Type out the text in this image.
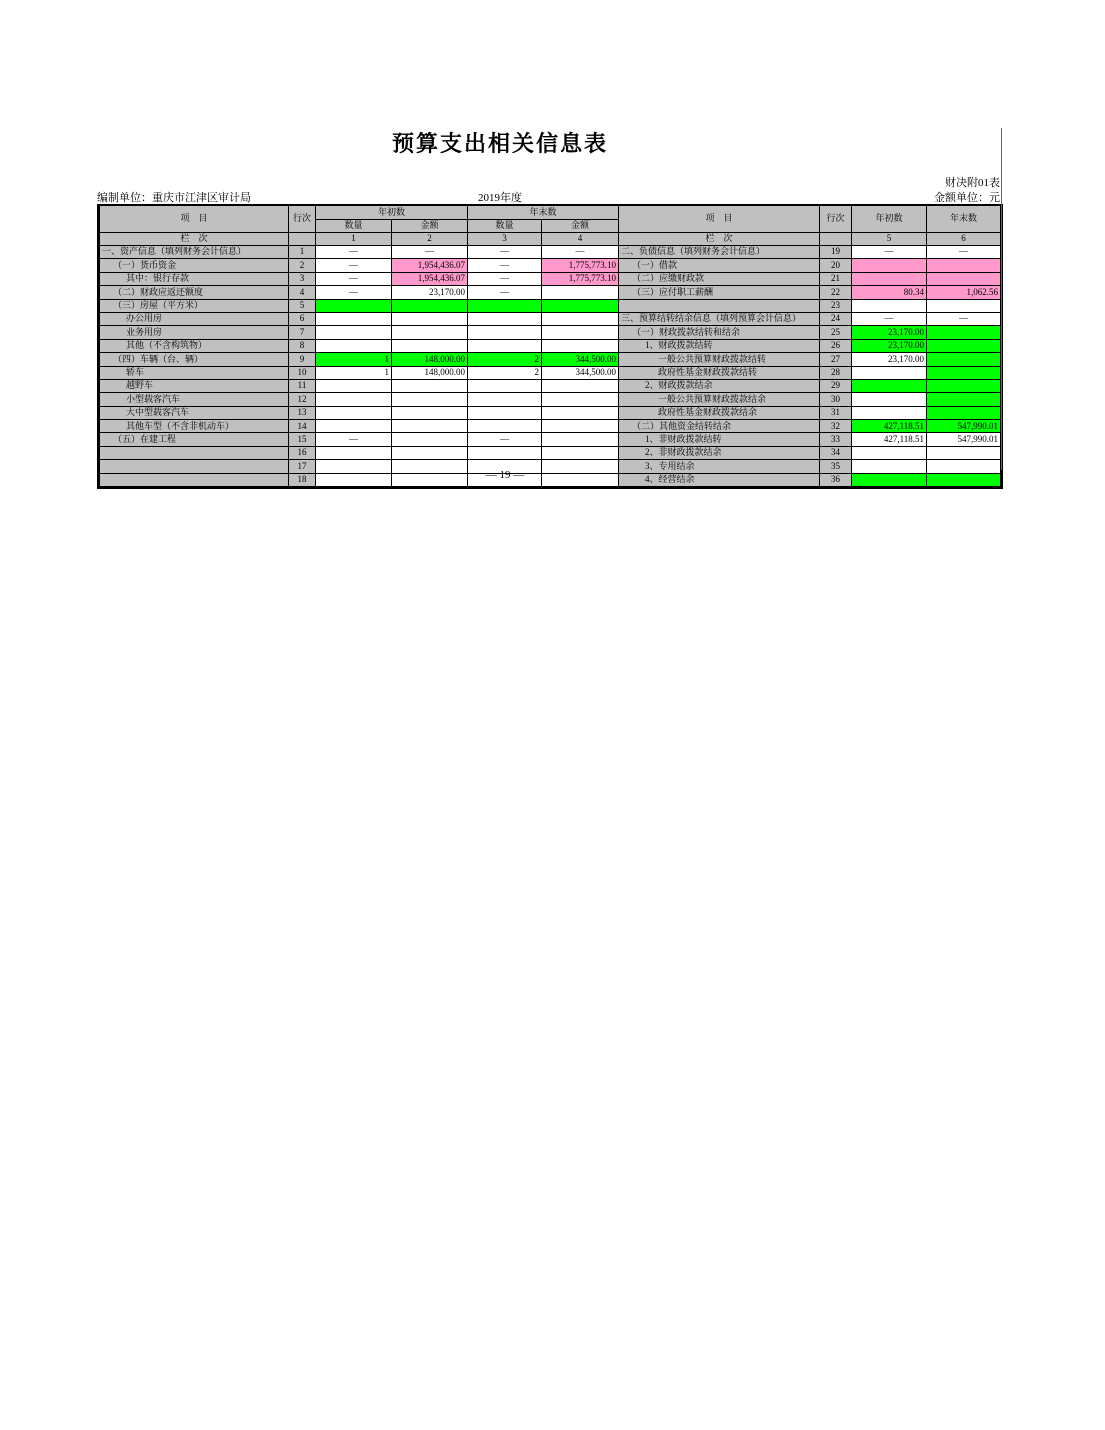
预算支出相关信息表
财决附01表
编制单位：重庆市江津区审计局	2019年度	金额单位：元
项　目	行次	年初数		年末数		项　目	行次	年初数	年末数
		数量	金额	数量	金额				
栏　次		1	2	3	4	栏　次		5	6
一、资产信息（填列财务会计信息）	1	—	—	—	—	二、负债信息（填列财务会计信息）	19	—	—
（一）货币资金	2	—	1,954,436.07	—	1,775,773.10	（一）借款	20		
其中：银行存款	3	—	1,954,436.07	—	1,775,773.10	（二）应缴财政款	21		
（二）财政应返还额度	4	—	23,170.00	—		（三）应付职工薪酬	22	80.34	1,062.56
（三）房屋（平方米）	5						23		
办公用房	6					三、预算结转结余信息（填列预算会计信息）	24	—	—
业务用房	7					（一）财政拨款结转和结余	25	23,170.00	
其他（不含构筑物）	8					1、财政拨款结转	26	23,170.00	
（四）车辆（台、辆）	9	1	148,000.00	2	344,500.00	一般公共预算财政拨款结转	27	23,170.00	
轿车	10	1	148,000.00	2	344,500.00	政府性基金财政拨款结转	28		
越野车	11					2、财政拨款结余	29		
小型载客汽车	12					一般公共预算财政拨款结余	30		
大中型载客汽车	13					政府性基金财政拨款结余	31		
其他车型（不含非机动车）	14					（二）其他资金结转结余	32	427,118.51	547,990.01
（五）在建工程	15	—		—		1、非财政拨款结转	33	427,118.51	547,990.01
	16					2、非财政拨款结余	34		
	17					3、专用结余	35		
	18					4、经营结余	36		
— 19 —
